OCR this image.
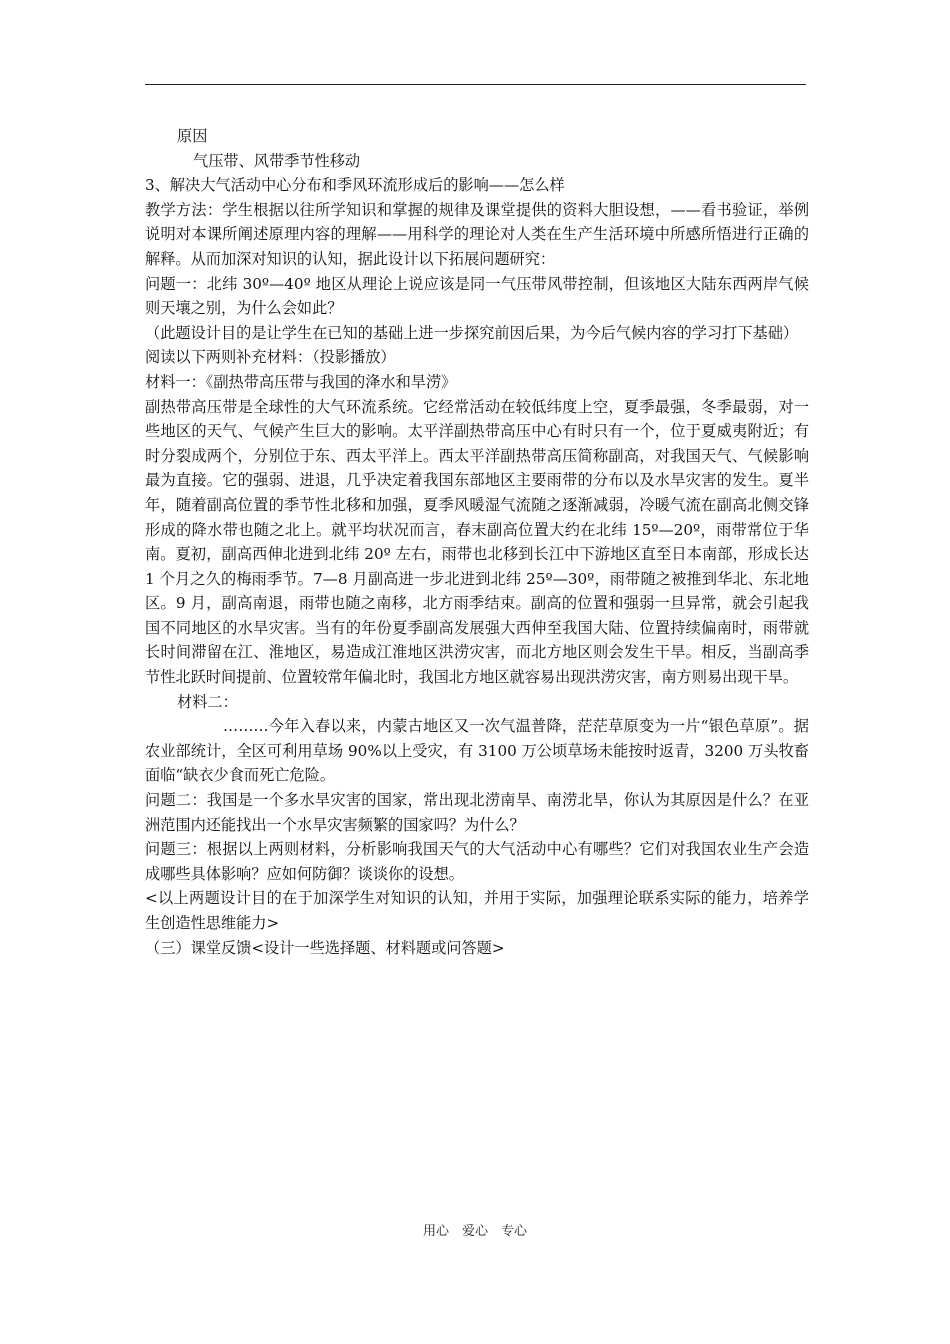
原因

气压带、风带季节性移动

3、解决大气活动中心分布和季风环流形成后的影响——怎么样

教学方法：学生根据以往所学知识和掌握的规律及课堂提供的资料大胆设想，——看书验证，举例说明对本课所阐述原理内容的理解——用科学的理论对人类在生产生活环境中所感所悟进行正确的解释。从而加深对知识的认知，据此设计以下拓展问题研究：

问题一：北纬 30º—40º 地区从理论上说应该是同一气压带风带控制，但该地区大陆东西两岸气候则天壤之别，为什么会如此？

（此题设计目的是让学生在已知的基础上进一步探究前因后果，为今后气候内容的学习打下基础）

阅读以下两则补充材料：（投影播放）

材料一：《副热带高压带与我国的洚水和旱涝》

副热带高压带是全球性的大气环流系统。它经常活动在较低纬度上空，夏季最强，冬季最弱，对一些地区的天气、气候产生巨大的影响。太平洋副热带高压中心有时只有一个，位于夏威夷附近；有时分裂成两个，分别位于东、西太平洋上。西太平洋副热带高压简称副高，对我国天气、气候影响最为直接。它的强弱、进退，几乎决定着我国东部地区主要雨带的分布以及水旱灾害的发生。夏半年，随着副高位置的季节性北移和加强，夏季风暖湿气流随之逐渐减弱，冷暖气流在副高北侧交锋形成的降水带也随之北上。就平均状况而言，春末副高位置大约在北纬 15º—20º，雨带常位于华南。夏初，副高西伸北进到北纬 20º 左右，雨带也北移到长江中下游地区直至日本南部，形成长达 1 个月之久的梅雨季节。7—8 月副高进一步北进到北纬 25º—30º，雨带随之被推到华北、东北地区。9 月，副高南退，雨带也随之南移，北方雨季结束。副高的位置和强弱一旦异常，就会引起我国不同地区的水旱灾害。当有的年份夏季副高发展强大西伸至我国大陆、位置持续偏南时，雨带就长时间滞留在江、淮地区，易造成江淮地区洪涝灾害，而北方地区则会发生干旱。相反，当副高季节性北跃时间提前、位置较常年偏北时，我国北方地区就容易出现洪涝灾害，南方则易出现干旱。

材料二：

………今年入春以来，内蒙古地区又一次气温普降，茫茫草原变为一片“银色草原”。据农业部统计，全区可利用草场 90%以上受灾，有 3100 万公顷草场未能按时返青，3200 万头牧畜面临“缺衣少食而死亡危险。

问题二：我国是一个多水旱灾害的国家，常出现北涝南旱、南涝北旱，你认为其原因是什么？在亚洲范围内还能找出一个水旱灾害频繁的国家吗？为什么？

问题三：根据以上两则材料，分析影响我国天气的大气活动中心有哪些？它们对我国农业生产会造成哪些具体影响？应如何防御？谈谈你的设想。

<以上两题设计目的在于加深学生对知识的认知，并用于实际，加强理论联系实际的能力，培养学生创造性思维能力>

（三）课堂反馈<设计一些选择题、材料题或问答题>

用心　爱心　专心
